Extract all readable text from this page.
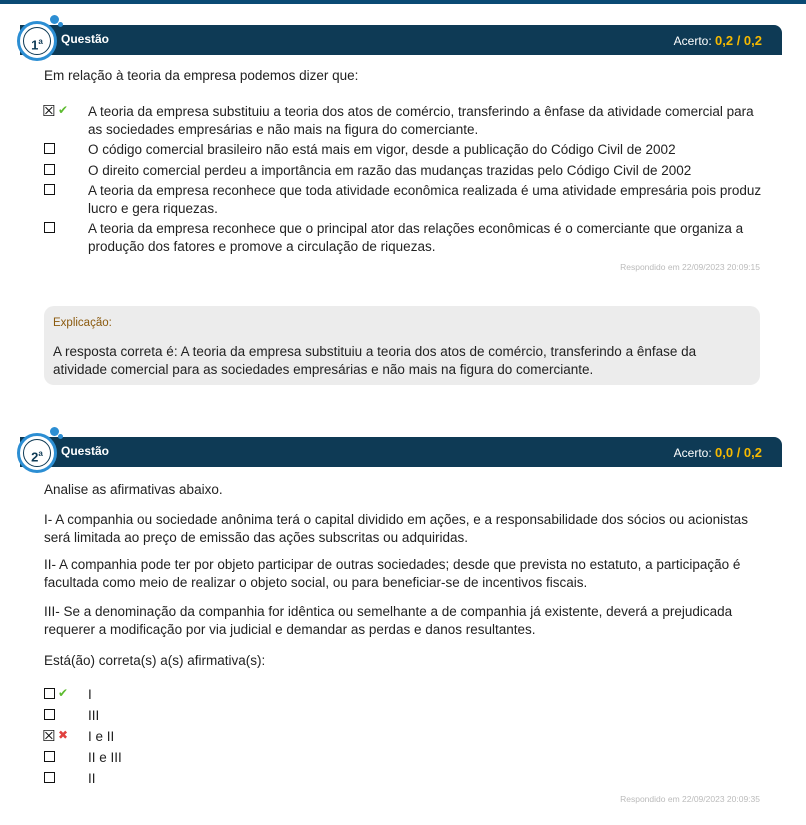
Questão	Acerto: 0,2 / 0,2
1$^a$
Em relação à teoria da empresa podemos dizer que:
☒ ✔ A teoria da empresa substituiu a teoria dos atos de comércio, transferindo a ênfase da atividade comercial para as sociedades empresárias e não mais na figura do comerciante.
O código comercial brasileiro não está mais em vigor, desde a publicação do Código Civil de 2002
O direito comercial perdeu a importância em razão das mudanças trazidas pelo Código Civil de 2002
A teoria da empresa reconhece que toda atividade econômica realizada é uma atividade empresária pois produz lucro e gera riquezas.
A teoria da empresa reconhece que o principal ator das relações econômicas é o comerciante que organiza a produção dos fatores e promove a circulação de riquezas.
Respondido em 22/09/2023 20:09:15
Explicação:
A resposta correta é: A teoria da empresa substituiu a teoria dos atos de comércio, transferindo a ênfase da atividade comercial para as sociedades empresárias e não mais na figura do comerciante.
Questão	Acerto: 0,0 / 0,2
2$^a$
Analise as afirmativas abaixo.
I- A companhia ou sociedade anônima terá o capital dividido em ações, e a responsabilidade dos sócios ou acionistas será limitada ao preço de emissão das ações subscritas ou adquiridas.
II- A companhia pode ter por objeto participar de outras sociedades; desde que prevista no estatuto, a participação é facultada como meio de realizar o objeto social, ou para beneficiar-se de incentivos fiscais.
III- Se a denominação da companhia for idêntica ou semelhante a de companhia já existente, deverá a prejudicada requerer a modificação por via judicial e demandar as perdas e danos resultantes.
Está(ão) correta(s) a(s) afirmativa(s):
✔ I
III
☒ ✖ I e II
II e III
II
Respondido em 22/09/2023 20:09:35
